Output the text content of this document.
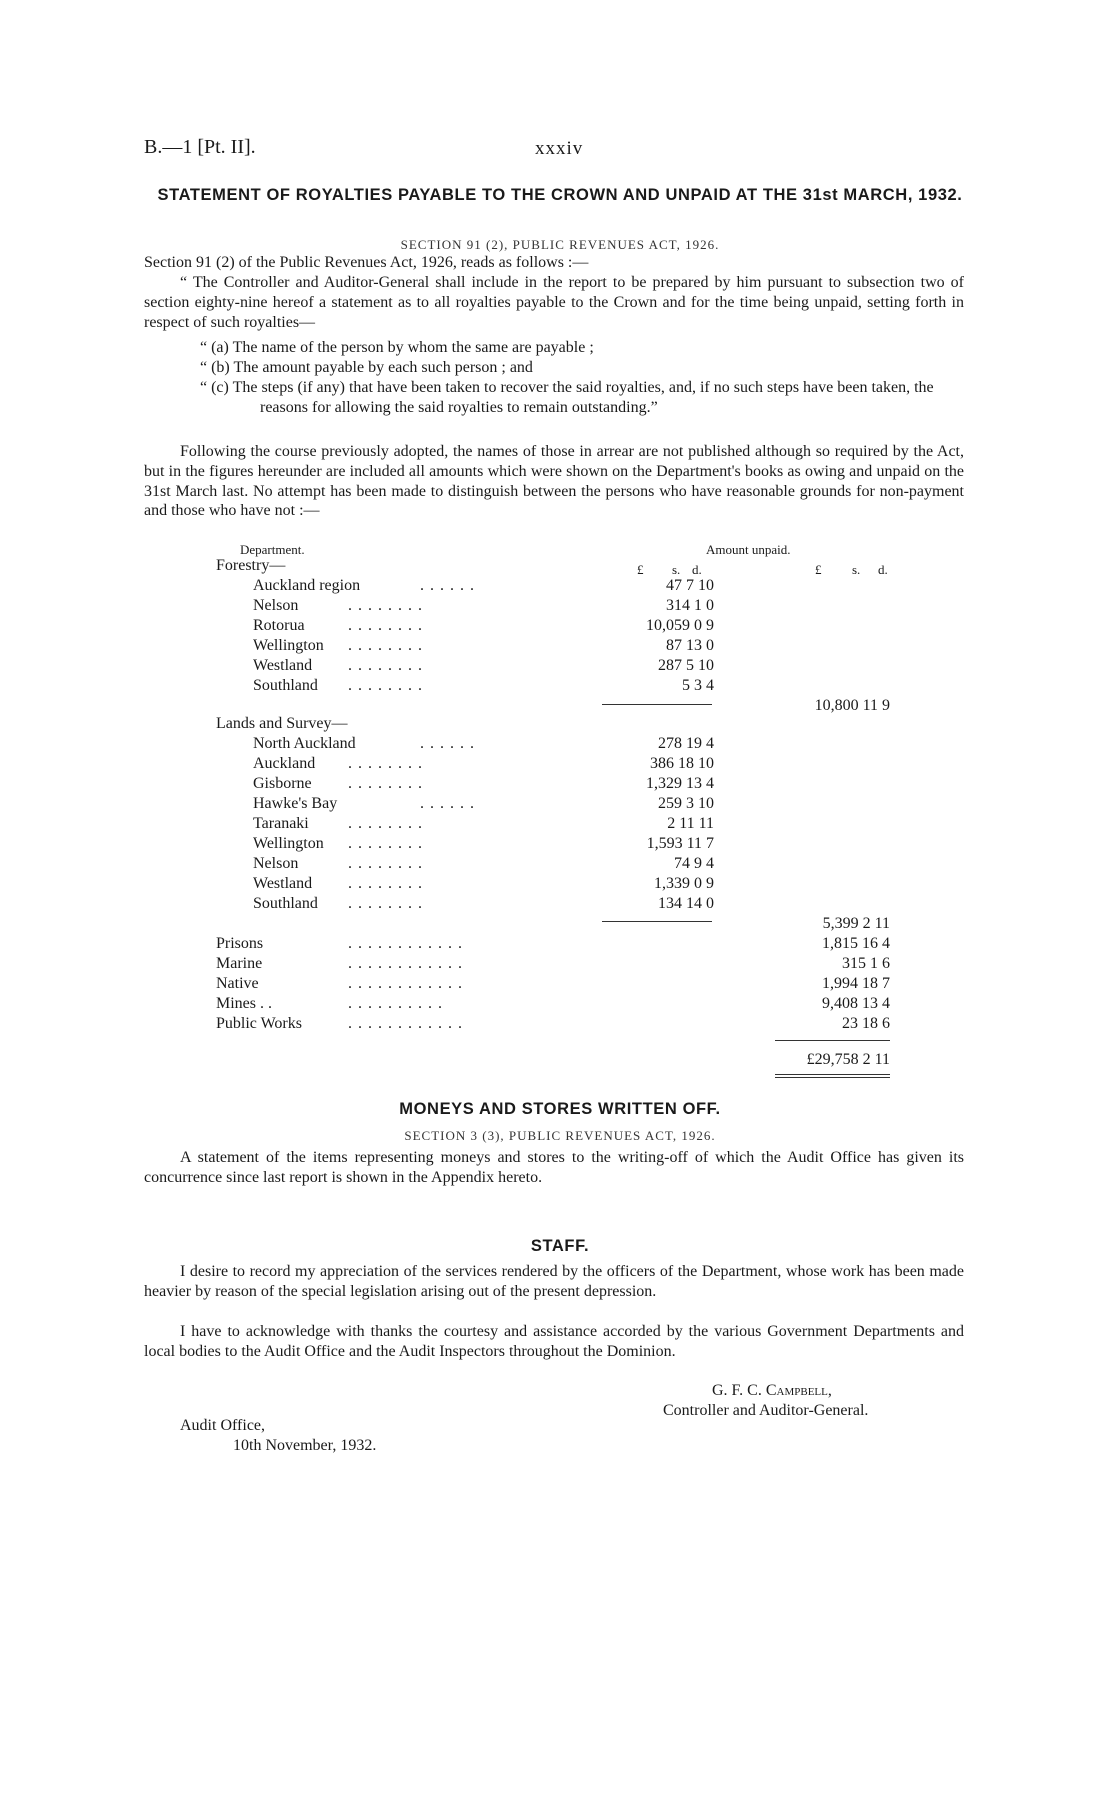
B.—1 [Pt. II].	xxxiv
STATEMENT OF ROYALTIES PAYABLE TO THE CROWN AND UNPAID AT THE 31st MARCH, 1932.
SECTION 91 (2), PUBLIC REVENUES ACT, 1926.
Section 91 (2) of the Public Revenues Act, 1926, reads as follows :—
“ The Controller and Auditor-General shall include in the report to be prepared by him pursuant to subsection two of section eighty-nine hereof a statement as to all royalties payable to the Crown and for the time being unpaid, setting forth in respect of such royalties—
“ (a) The name of the person by whom the same are payable ;
“ (b) The amount payable by each such person ; and
“ (c) The steps (if any) that have been taken to recover the said royalties, and, if no such steps have been taken, the reasons for allowing the said royalties to remain outstanding.”
Following the course previously adopted, the names of those in arrear are not published although so required by the Act, but in the figures hereunder are included all amounts which were shown on the Department's books as owing and unpaid on the 31st March last. No attempt has been made to distinguish between the persons who have reasonable grounds for non-payment and those who have not :—
Department.	Amount unpaid.
£ s. d.	£ s. d.
Forestry—
Auckland region	. . . . . .	47 7 10
Nelson	. . . . . . . .	314 1 0
Rotorua	. . . . . . . .	10,059 0 9
Wellington . . . . . . . .	87 13 0
Westland . . . . . . . .	287 5 10
Southland . . . . . . . .	5 3 4
10,800 11 9
Lands and Survey—
North Auckland	. . . . . .	278 19 4
Auckland . . . . . . . .	386 18 10
Gisborne . . . . . . . .	1,329 13 4
Hawke's Bay	. . . . . .	259 3 10
Taranaki . . . . . . . .	2 11 11
Wellington . . . . . . . .	1,593 11 7
Nelson	. . . . . . . .	74 9 4
Westland . . . . . . . .	1,339 0 9
Southland . . . . . . . .	134 14 0
5,399 2 11
Prisons	. . . . . . . . . . . .	1,815 16 4
Marine	. . . . . . . . . . . .	315 1 6
Native	. . . . . . . . . . . .	1,994 18 7
Mines . .	. . . . . . . . . .	9,408 13 4
Public Works	. . . . . . . . . . . .	23 18 6
£29,758 2 11
MONEYS AND STORES WRITTEN OFF.
SECTION 3 (3), PUBLIC REVENUES ACT, 1926.
A statement of the items representing moneys and stores to the writing-off of which the Audit Office has given its concurrence since last report is shown in the Appendix hereto.
STAFF.
I desire to record my appreciation of the services rendered by the officers of the Department, whose work has been made heavier by reason of the special legislation arising out of the present depression.
I have to acknowledge with thanks the courtesy and assistance accorded by the various Government Departments and local bodies to the Audit Office and the Audit Inspectors throughout the Dominion.
G. F. C. Campbell,
Controller and Auditor-General.
Audit Office,
10th November, 1932.
